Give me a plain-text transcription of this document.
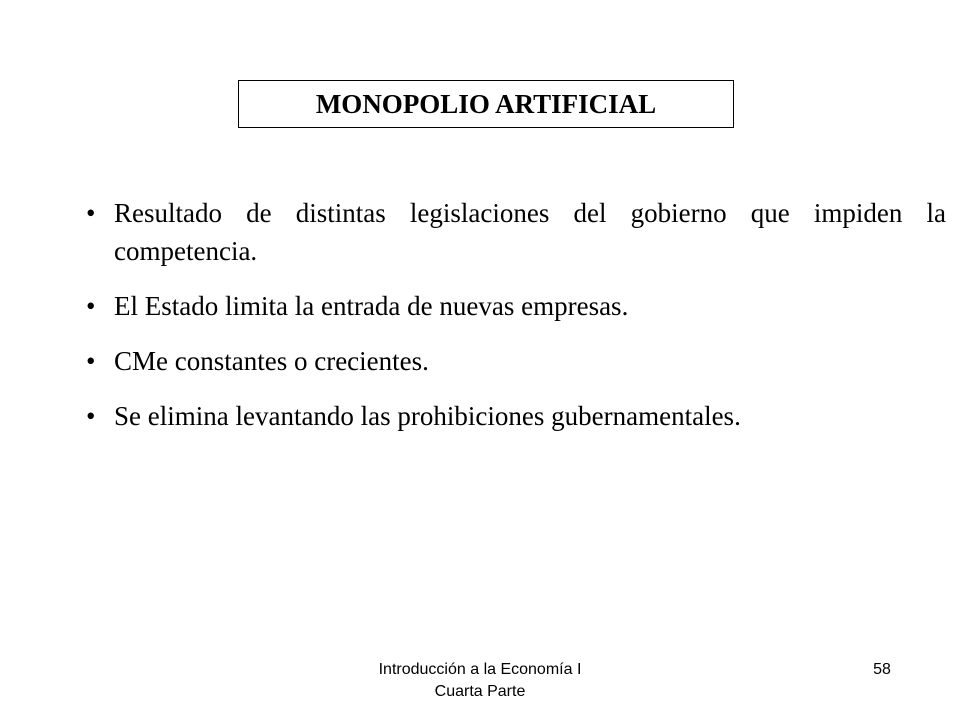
MONOPOLIO ARTIFICIAL
• Resultado de distintas legislaciones del gobierno que impiden la competencia.
• El Estado limita la entrada de nuevas empresas.
• CMe constantes o crecientes.
• Se elimina levantando las prohibiciones gubernamentales.
Introducción a la Economía I
Cuarta Parte
58
